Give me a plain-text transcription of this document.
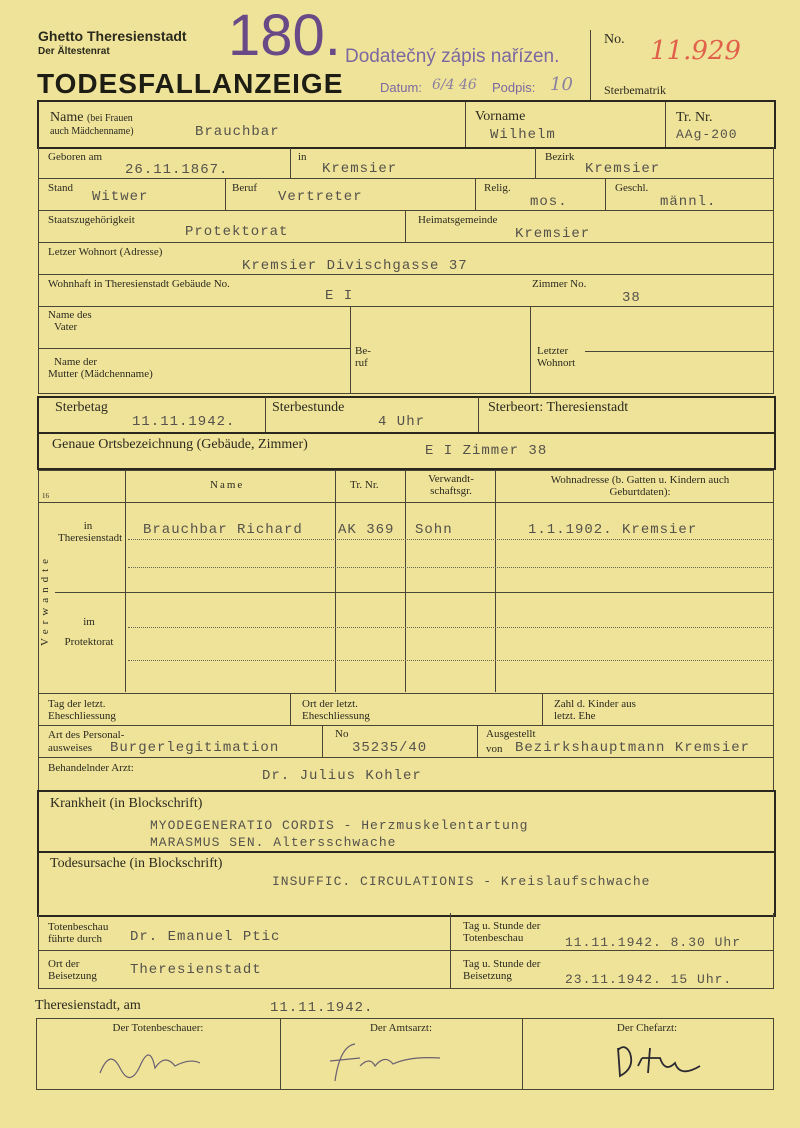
Ghetto Theresienstadt
Der Ältestenrat
TODESFALLANZEIGE
180. Dodatečný zápis nařízen.
Datum: 6/4 46 Podpis: 10
No. 11.929
Sterbematrik
Name (bei Frauen
auch Mädchenname)	Brauchbar
Vorname
Wilhelm
Tr. Nr.
AAg-200
Geboren am
26.11.1867.
in
Kremsier
Bezirk
Kremsier
Stand
Witwer
Beruf
Vertreter
Relig.
mos.
Geschl.
männl.
Staatszugehörigkeit
Protektorat
Heimatsgemeinde
Kremsier
Letzer Wohnort (Adresse)
Kremsier Divischgasse 37
Wohnhaft in Theresienstadt Gebäude No.
E I
Zimmer No.
38
Name des
Vater
Name der
Mutter (Mädchenname)
Be-
ruf
Letzter
Wohnort
Sterbetag
11.11.1942.
Sterbestunde
4 Uhr
Sterbeort: Theresienstadt
Genaue Ortsbezeichnung (Gebäude, Zimmer)	E I Zimmer 38
16
Name	Tr. Nr.	Verwandt-schaftsgr.
Wohnadresse (b. Gatten u. Kindern auch Geburtdaten):
Verwandte
in Theresienstadt
im Protektorat
Brauchbar Richard	AK 369 Sohn	1.1.1902. Kremsier
Tag der letzt. Eheschliessung
Ort der letzt. Eheschliessung
Zahl d. Kinder aus letzt. Ehe
Art des Personal-
ausweises Burgerlegitimation
No
35235/40
Ausgestellt
von Bezirkshauptmann Kremsier
Behandelnder Arzt:	Dr. Julius Kohler
Krankheit (in Blockschrift)
MYODEGENERATIO CORDIS - Herzmuskelentartung
MARASMUS SEN. Altersschwache
Todesursache (in Blockschrift)
INSUFFIC. CIRCULATIONIS - Kreislaufschwache
Totenbeschau führte durch	Dr. Emanuel Ptic
Tag u. Stunde der Totenbeschau	11.11.1942. 8.30 Uhr
Ort der Beisetzung	Theresienstadt	Tag u. Stunde der Beisetzung	23.11.1942. 15 Uhr.
Theresienstadt, am	11.11.1942.
Der Totenbeschauer:	Der Amtsarzt:	Der Chefarzt:
